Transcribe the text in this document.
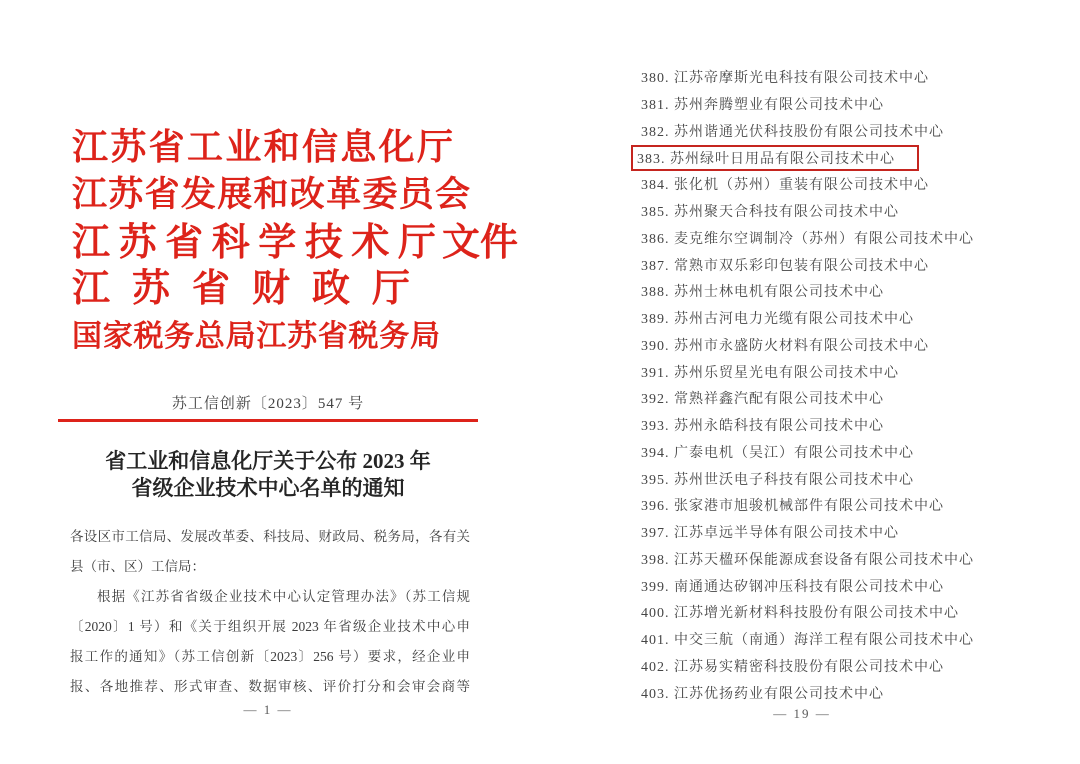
江苏省工业和信息化厅
江苏省发展和改革委员会
江苏省科学技术厅 文件
江苏省财政厅
国家税务总局江苏省税务局
苏工信创新〔2023〕547 号
省工业和信息化厅关于公布 2023 年
省级企业技术中心名单的通知
各设区市工信局、发展改革委、科技局、财政局、税务局，各有关
县（市、区）工信局：
根据《江苏省省级企业技术中心认定管理办法》（苏工信规
〔2020〕1 号）和《关于组织开展 2023 年省级企业技术中心申
报工作的通知》（苏工信创新〔2023〕256 号）要求，经企业申
报、各地推荐、形式审查、数据审核、评价打分和会审会商等
— 1 —
380. 江苏帝摩斯光电科技有限公司技术中心
381. 苏州奔腾塑业有限公司技术中心
382. 苏州谐通光伏科技股份有限公司技术中心
383. 苏州绿叶日用品有限公司技术中心
384. 张化机（苏州）重装有限公司技术中心
385. 苏州聚天合科技有限公司技术中心
386. 麦克维尔空调制冷（苏州）有限公司技术中心
387. 常熟市双乐彩印包装有限公司技术中心
388. 苏州士林电机有限公司技术中心
389. 苏州古河电力光缆有限公司技术中心
390. 苏州市永盛防火材料有限公司技术中心
391. 苏州乐贸星光电有限公司技术中心
392. 常熟祥鑫汽配有限公司技术中心
393. 苏州永皓科技有限公司技术中心
394. 广泰电机（吴江）有限公司技术中心
395. 苏州世沃电子科技有限公司技术中心
396. 张家港市旭骏机械部件有限公司技术中心
397. 江苏卓远半导体有限公司技术中心
398. 江苏天楹环保能源成套设备有限公司技术中心
399. 南通通达矽钢冲压科技有限公司技术中心
400. 江苏增光新材料科技股份有限公司技术中心
401. 中交三航（南通）海洋工程有限公司技术中心
402. 江苏易实精密科技股份有限公司技术中心
403. 江苏优扬药业有限公司技术中心
— 19 —
